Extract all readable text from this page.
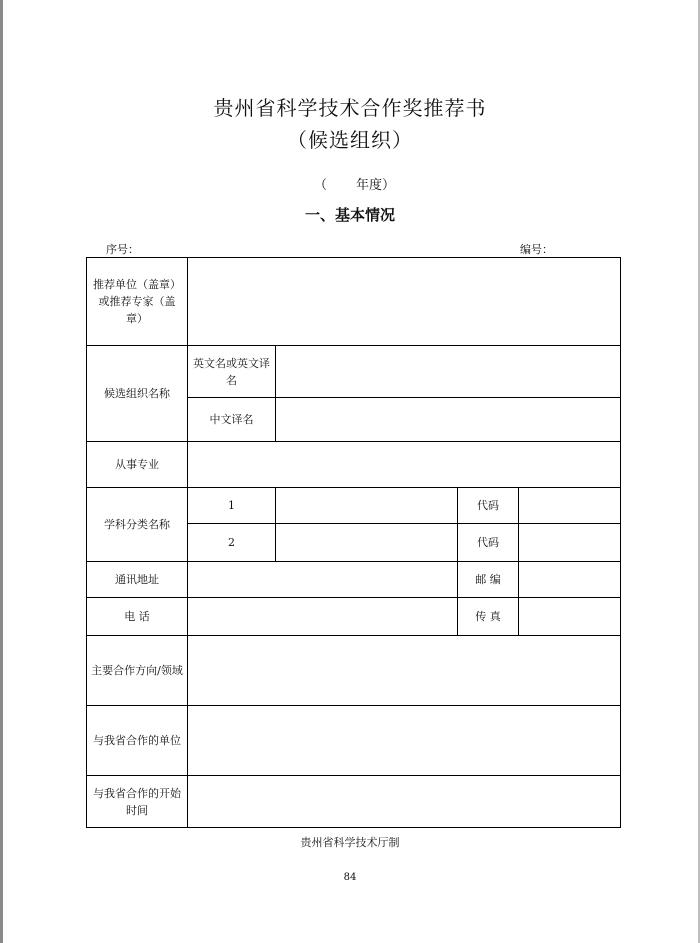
贵州省科学技术合作奖推荐书
（候选组织）
（ 年度）
一、基本情况
序号：	编号：
推荐单位（盖章）或推荐专家（盖章）				
候选组织名称	英文名或英文译名			
	中文译名			
从事专业				
学科分类名称	1		代码	
	2		代码	
通讯地址			邮 编	
电 话			传 真	
主要合作方向/领域				
与我省合作的单位				
与我省合作的开始时间				
贵州省科学技术厅制
84
